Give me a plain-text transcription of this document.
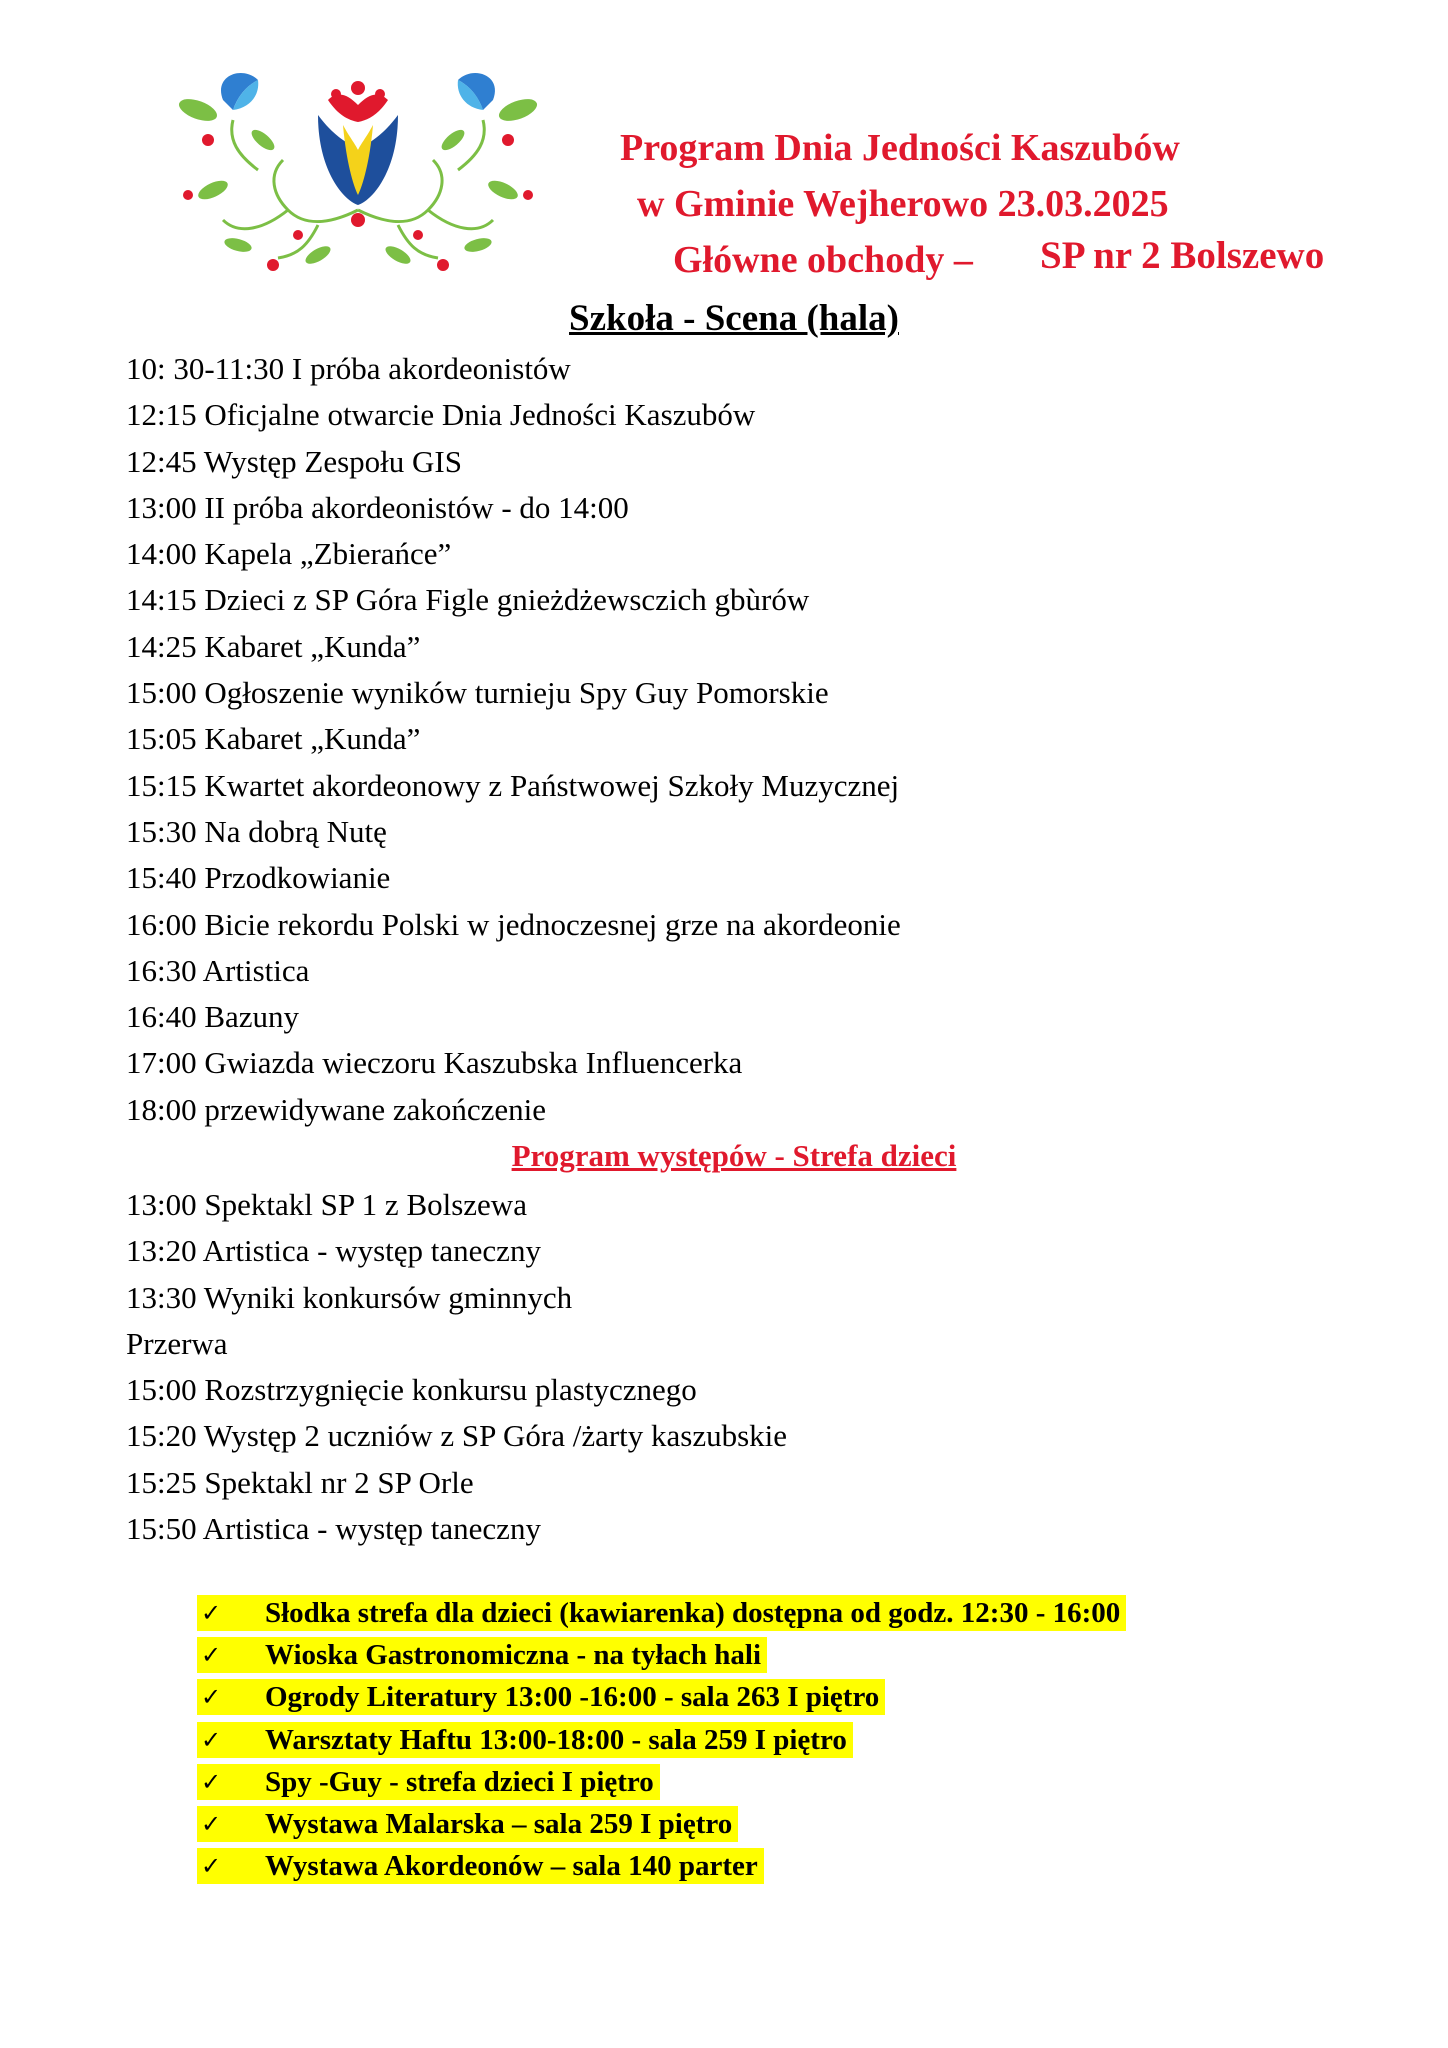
Program Dnia Jedności Kaszubów
w Gminie Wejherowo 23.03.2025
Główne obchody – SP nr 2 Bolszewo
Szkoła - Scena (hala)
10: 30-11:30 I próba akordeonistów
12:15 Oficjalne otwarcie Dnia Jedności Kaszubów
12:45 Występ Zespołu GIS
13:00 II próba akordeonistów - do 14:00
14:00 Kapela „Zbierańce”
14:15 Dzieci z SP Góra Figle gnieżdżewsczich gbùrów
14:25 Kabaret „Kunda”
15:00 Ogłoszenie wyników turnieju Spy Guy Pomorskie
15:05 Kabaret „Kunda”
15:15 Kwartet akordeonowy z Państwowej Szkoły Muzycznej
15:30 Na dobrą Nutę
15:40 Przodkowianie
16:00 Bicie rekordu Polski w jednoczesnej grze na akordeonie
16:30 Artistica
16:40 Bazuny
17:00 Gwiazda wieczoru Kaszubska Influencerka
18:00 przewidywane zakończenie
Program występów - Strefa dzieci
13:00 Spektakl SP 1 z Bolszewa
13:20 Artistica - występ taneczny
13:30 Wyniki konkursów gminnych
Przerwa
15:00 Rozstrzygnięcie konkursu plastycznego
15:20 Występ 2 uczniów z SP Góra /żarty kaszubskie
15:25 Spektakl nr 2 SP Orle
15:50 Artistica - występ taneczny
✓	Słodka strefa dla dzieci (kawiarenka) dostępna od godz. 12:30 - 16:00
✓	Wioska Gastronomiczna - na tyłach hali
✓	Ogrody Literatury 13:00 -16:00 - sala 263 I piętro
✓	Warsztaty Haftu 13:00-18:00 - sala 259 I piętro
✓	Spy -Guy - strefa dzieci I piętro
✓	Wystawa Malarska – sala 259 I piętro
✓	Wystawa Akordeonów – sala 140 parter
